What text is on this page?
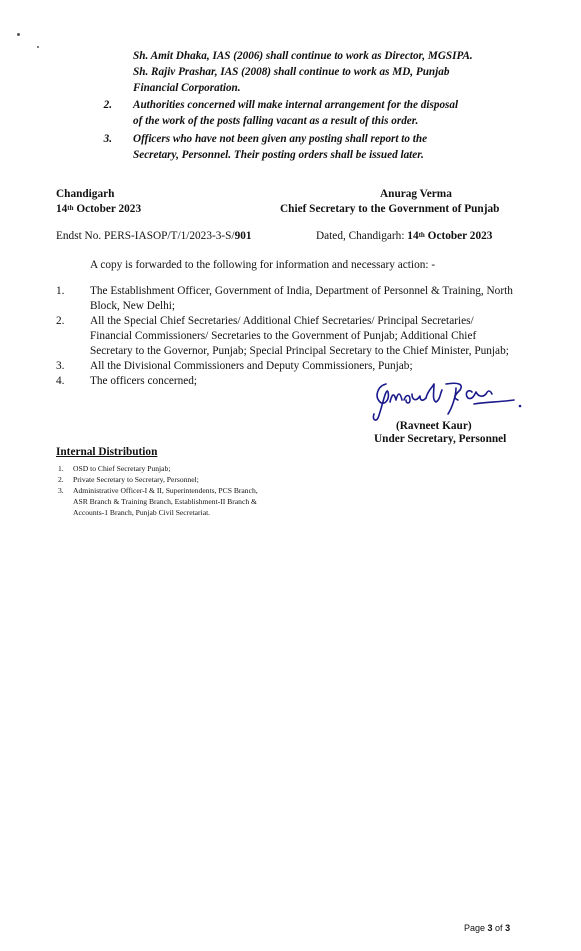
Sh. Amit Dhaka, IAS (2006) shall continue to work as Director, MGSIPA.
Sh. Rajiv Prashar, IAS (2008) shall continue to work as MD, Punjab
Financial Corporation.
2. Authorities concerned will make internal arrangement for the disposal
of the work of the posts falling vacant as a result of this order.
3. Officers who have not been given any posting shall report to the
Secretary, Personnel. Their posting orders shall be issued later.
Chandigarh
14th October 2023
Anurag Verma
Chief Secretary to the Government of Punjab
Endst No. PERS-IASOP/T/1/2023-3-S/901	Dated, Chandigarh: 14th October 2023
A copy is forwarded to the following for information and necessary action: -
1. The Establishment Officer, Government of India, Department of Personnel & Training, North
Block, New Delhi;
2. All the Special Chief Secretaries/ Additional Chief Secretaries/ Principal Secretaries/
Financial Commissioners/ Secretaries to the Government of Punjab; Additional Chief
Secretary to the Governor, Punjab; Special Principal Secretary to the Chief Minister, Punjab;
3. All the Divisional Commissioners and Deputy Commissioners, Punjab;
4. The officers concerned;
(Ravneet Kaur)
Under Secretary, Personnel
Internal Distribution
1. OSD to Chief Secretary Punjab;
2. Private Secretary to Secretary, Personnel;
3. Administrative Officer-I & II, Superintendents, PCS Branch,
ASR Branch & Training Branch, Establishment-II Branch &
Accounts-1 Branch, Punjab Civil Secretariat.
Page 3 of 3
